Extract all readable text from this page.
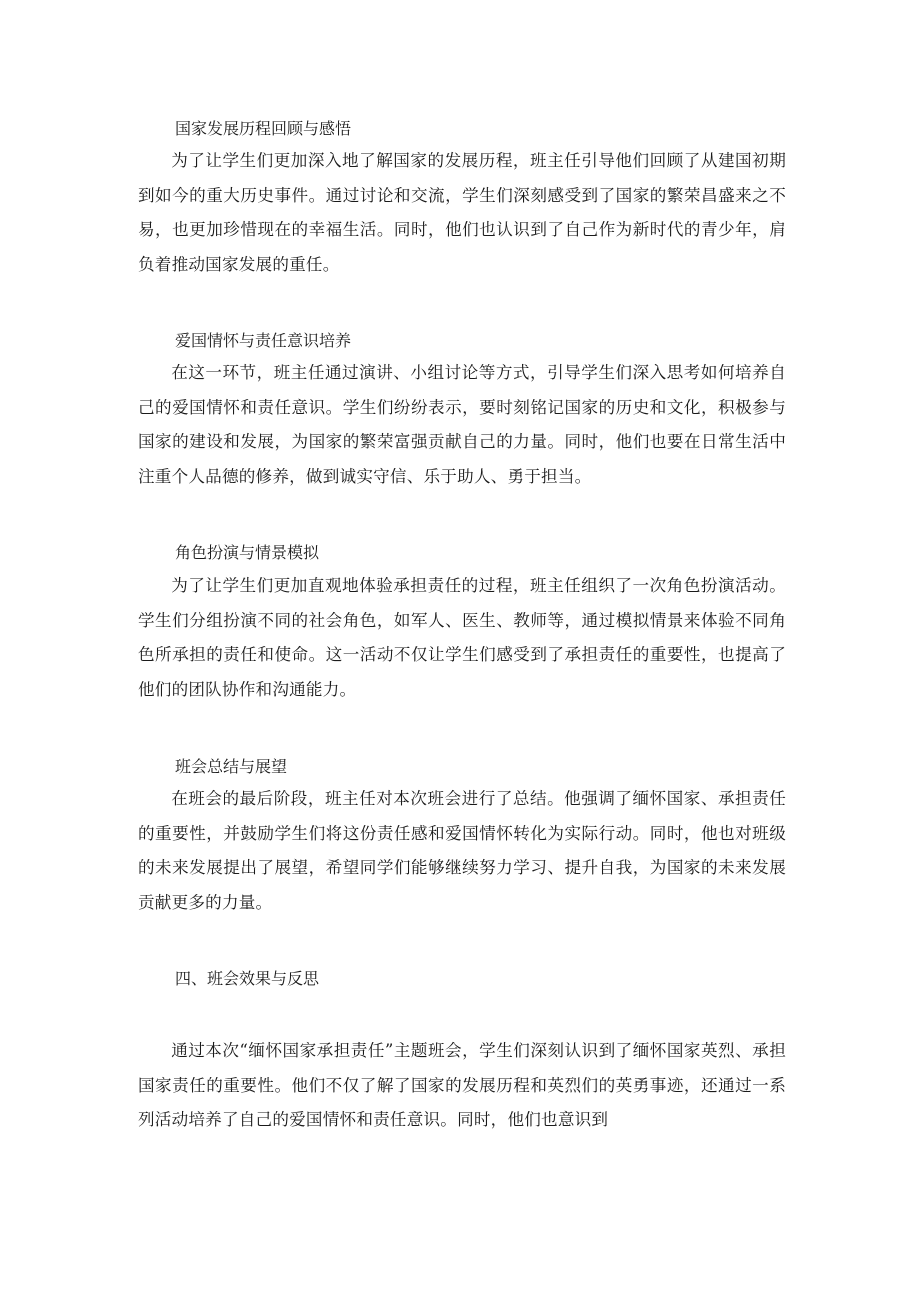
国家发展历程回顾与感悟

为了让学生们更加深入地了解国家的发展历程，班主任引导他们回顾了从建国初期到如今的重大历史事件。通过讨论和交流，学生们深刻感受到了国家的繁荣昌盛来之不易，也更加珍惜现在的幸福生活。同时，他们也认识到了自己作为新时代的青少年，肩负着推动国家发展的重任。

爱国情怀与责任意识培养

在这一环节，班主任通过演讲、小组讨论等方式，引导学生们深入思考如何培养自己的爱国情怀和责任意识。学生们纷纷表示，要时刻铭记国家的历史和文化，积极参与国家的建设和发展，为国家的繁荣富强贡献自己的力量。同时，他们也要在日常生活中注重个人品德的修养，做到诚实守信、乐于助人、勇于担当。

角色扮演与情景模拟

为了让学生们更加直观地体验承担责任的过程，班主任组织了一次角色扮演活动。学生们分组扮演不同的社会角色，如军人、医生、教师等，通过模拟情景来体验不同角色所承担的责任和使命。这一活动不仅让学生们感受到了承担责任的重要性，也提高了他们的团队协作和沟通能力。

班会总结与展望

在班会的最后阶段，班主任对本次班会进行了总结。他强调了缅怀国家、承担责任的重要性，并鼓励学生们将这份责任感和爱国情怀转化为实际行动。同时，他也对班级的未来发展提出了展望，希望同学们能够继续努力学习、提升自我，为国家的未来发展贡献更多的力量。

四、班会效果与反思

通过本次“缅怀国家承担责任”主题班会，学生们深刻认识到了缅怀国家英烈、承担国家责任的重要性。他们不仅了解了国家的发展历程和英烈们的英勇事迹，还通过一系列活动培养了自己的爱国情怀和责任意识。同时，他们也意识到
